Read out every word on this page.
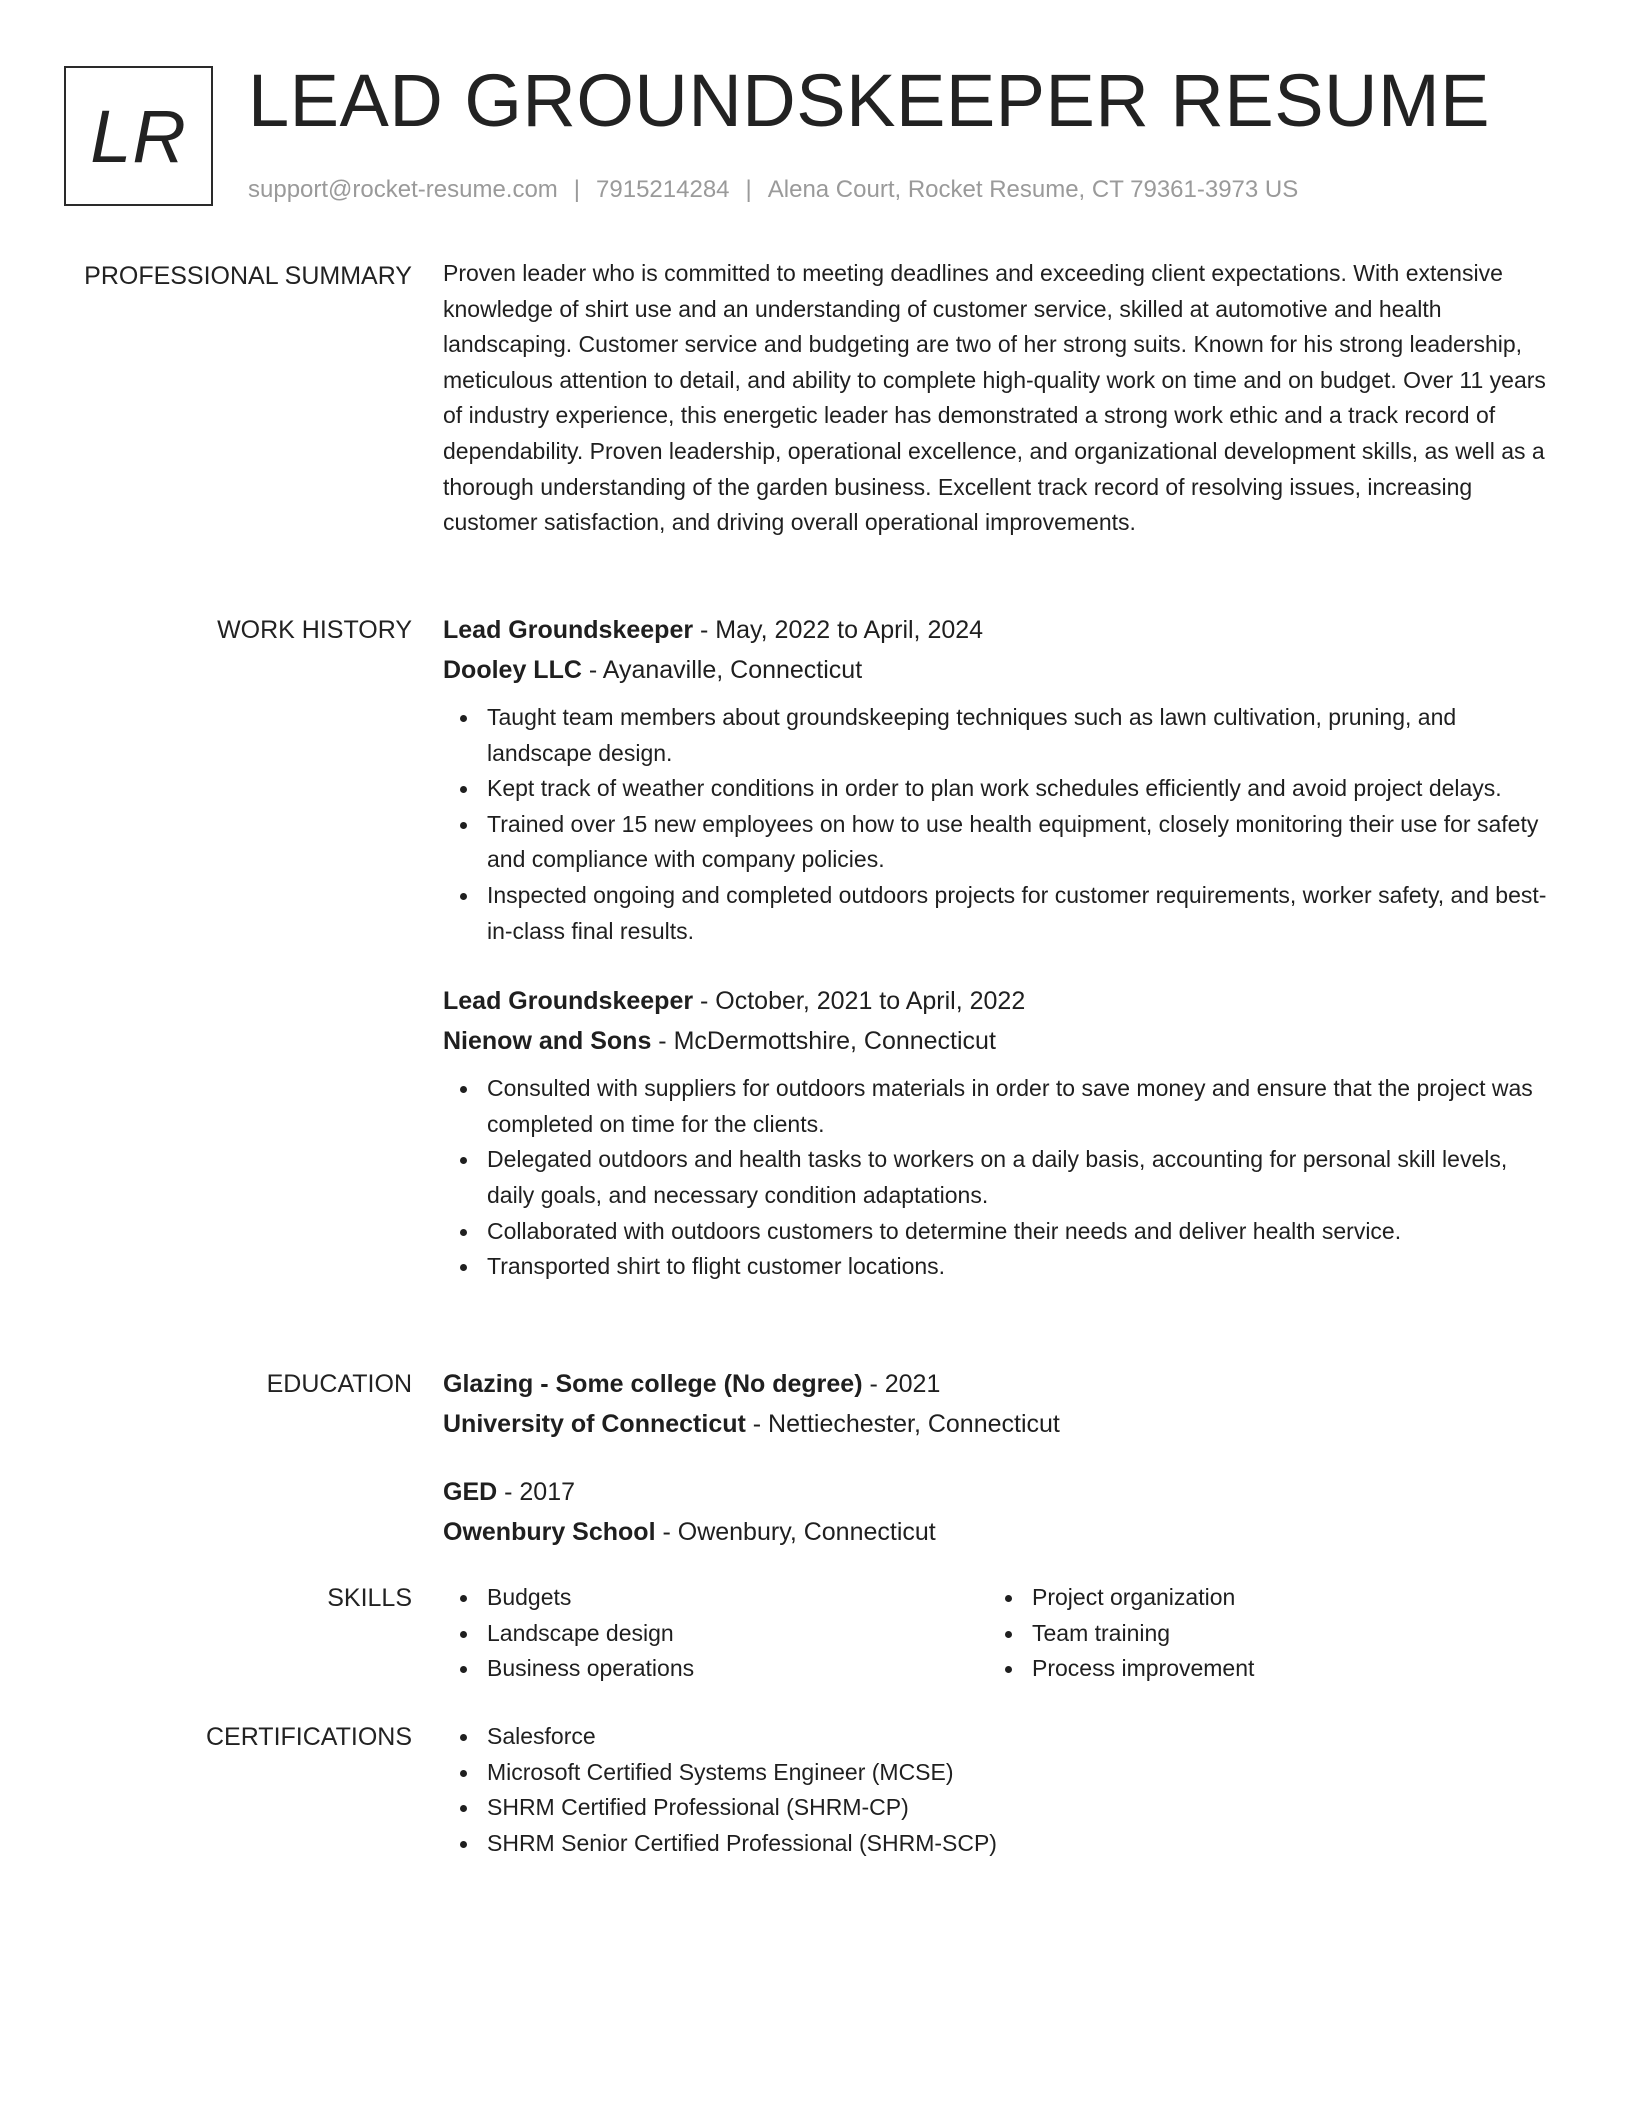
LR LEAD GROUNDSKEEPER RESUME
support@rocket-resume.com | 7915214284 | Alena Court, Rocket Resume, CT 79361-3973 US
PROFESSIONAL SUMMARY Proven leader who is committed to meeting deadlines and exceeding client expectations. With extensive knowledge of shirt use and an understanding of customer service, skilled at automotive and health landscaping. Customer service and budgeting are two of her strong suits. Known for his strong leadership, meticulous attention to detail, and ability to complete high-quality work on time and on budget. Over 11 years of industry experience, this energetic leader has demonstrated a strong work ethic and a track record of dependability. Proven leadership, operational excellence, and organizational development skills, as well as a thorough understanding of the garden business. Excellent track record of resolving issues, increasing customer satisfaction, and driving overall operational improvements.

WORK HISTORY Lead Groundskeeper - May, 2022 to April, 2024
Dooley LLC - Ayanaville, Connecticut
Taught team members about groundskeeping techniques such as lawn cultivation, pruning, and landscape design.
Kept track of weather conditions in order to plan work schedules efficiently and avoid project delays.
Trained over 15 new employees on how to use health equipment, closely monitoring their use for safety and compliance with company policies.
Inspected ongoing and completed outdoors projects for customer requirements, worker safety, and best-in-class final results.
Lead Groundskeeper - October, 2021 to April, 2022
Nienow and Sons - McDermottshire, Connecticut
Consulted with suppliers for outdoors materials in order to save money and ensure that the project was completed on time for the clients.
Delegated outdoors and health tasks to workers on a daily basis, accounting for personal skill levels, daily goals, and necessary condition adaptations.
Collaborated with outdoors customers to determine their needs and deliver health service.
Transported shirt to flight customer locations.
EDUCATION Glazing - Some college (No degree) - 2021
University of Connecticut - Nettiechester, Connecticut
GED - 2017
Owenbury School - Owenbury, Connecticut
SKILLS	Budgets
Landscape design
Business operations
Project organization
Team training
Process improvement
CERTIFICATIONS	Salesforce
Microsoft Certified Systems Engineer (MCSE)
SHRM Certified Professional (SHRM-CP)
SHRM Senior Certified Professional (SHRM-SCP)
